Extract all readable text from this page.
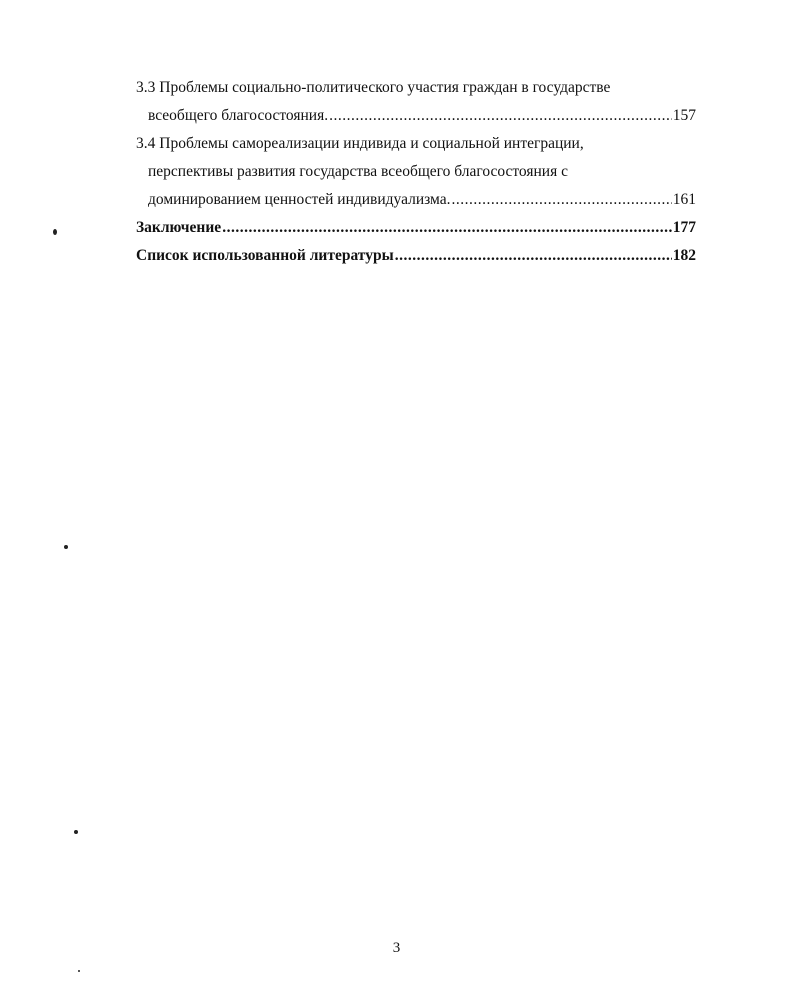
3.3 Проблемы социально-политического участия граждан в государстве
всеобщего благосостояния. .....	157
3.4 Проблемы самореализации индивида и социальной интеграции,
перспективы развития государства всеобщего благосостояния с
доминированием ценностей индивидуализма. .....	161
Заключение .....	177
Список использованной литературы .....	182
3
